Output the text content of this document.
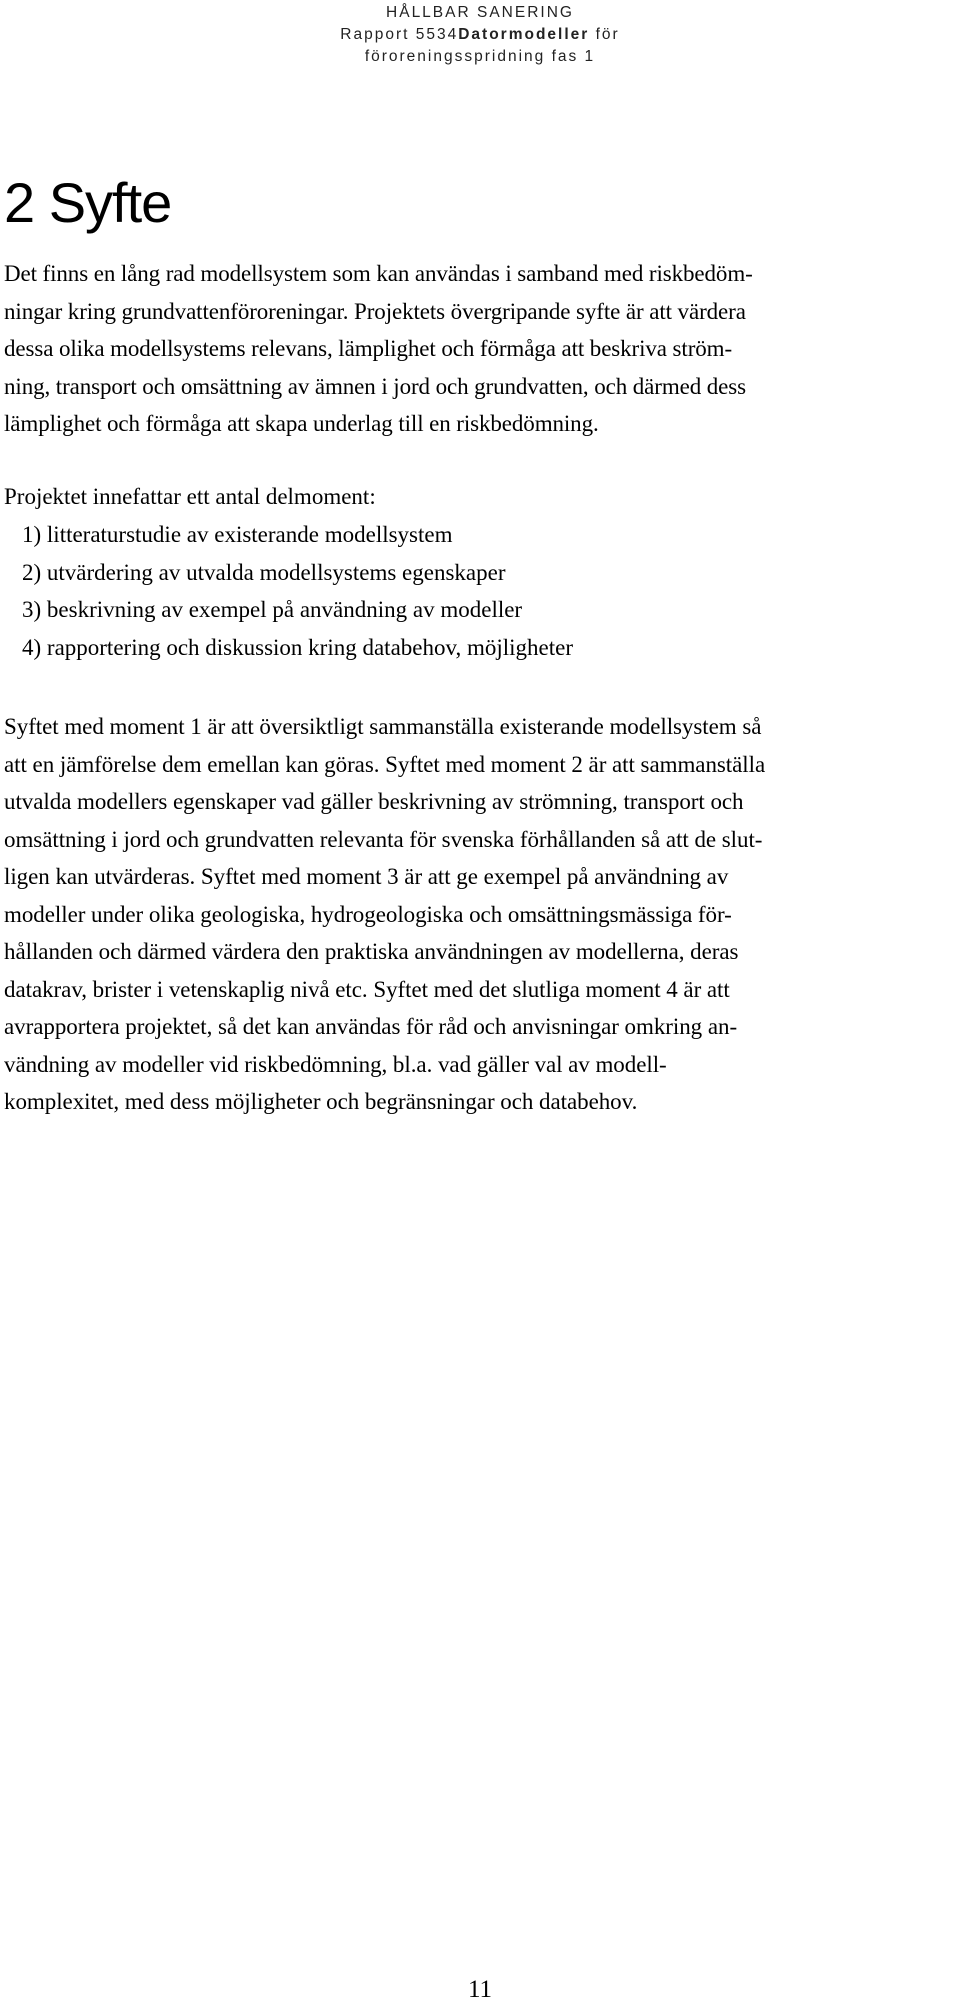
HÅLLBAR SANERING
Rapport 5534Datormodeller för
föroreningsspridning fas 1
2 Syfte
Det finns en lång rad modellsystem som kan användas i samband med riskbedöm-
ningar kring grundvattenföroreningar. Projektets övergripande syfte är att värdera
dessa olika modellsystems relevans, lämplighet och förmåga att beskriva ström-
ning, transport och omsättning av ämnen i jord och grundvatten, och därmed dess
lämplighet och förmåga att skapa underlag till en riskbedömning.
Projektet innefattar ett antal delmoment:
1) litteraturstudie av existerande modellsystem
2) utvärdering av utvalda modellsystems egenskaper
3) beskrivning av exempel på användning av modeller
4) rapportering och diskussion kring databehov, möjligheter
Syftet med moment 1 är att översiktligt sammanställa existerande modellsystem så
att en jämförelse dem emellan kan göras. Syftet med moment 2 är att sammanställa
utvalda modellers egenskaper vad gäller beskrivning av strömning, transport och
omsättning i jord och grundvatten relevanta för svenska förhållanden så att de slut-
ligen kan utvärderas. Syftet med moment 3 är att ge exempel på användning av
modeller under olika geologiska, hydrogeologiska och omsättningsmässiga för-
hållanden och därmed värdera den praktiska användningen av modellerna, deras
datakrav, brister i vetenskaplig nivå etc. Syftet med det slutliga moment 4 är att
avrapportera projektet, så det kan användas för råd och anvisningar omkring an-
vändning av modeller vid riskbedömning, bl.a. vad gäller val av modell-
komplexitet, med dess möjligheter och begränsningar och databehov.
11
